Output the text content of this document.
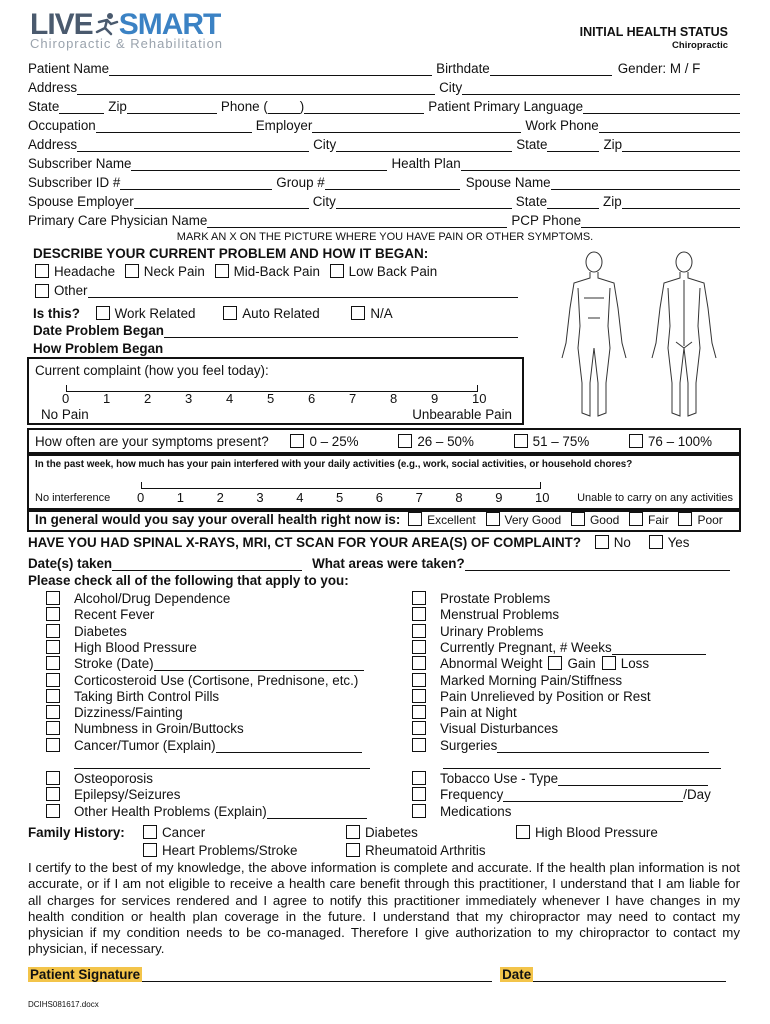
LIVE SMART
Chiropractic & Rehabilitation
INITIAL HEALTH STATUS
Chiropractic
Patient Name	Birthdate	Gender: M / F
Address	City
State	Zip	Phone ( )	Patient Primary Language
Occupation	Employer	Work Phone
Address	City	State	Zip
Subscriber Name	Health Plan
Subscriber ID #	Group #	Spouse Name
Spouse Employer	City	State	Zip
Primary Care Physician Name	PCP Phone
MARK AN X ON THE PICTURE WHERE YOU HAVE PAIN OR OTHER SYMPTOMS.
DESCRIBE YOUR CURRENT PROBLEM AND HOW IT BEGAN:
Headache Neck Pain Mid-Back Pain Low Back Pain
Other
Is this?	Work Related	Auto Related	N/A
Date Problem Began
How Problem Began
Current complaint (how you feel today):
No Pain	Unbearable Pain
0	1	2	3	4	5	6	7	8	9	10
How often are your symptoms present?	0 – 25%	26 – 50%	51 – 75%	76 – 100%
In the past week, how much has your pain interfered with your daily activities (e.g., work, social activities, or household chores?
No interference	Unable to carry on any activities
0	1	2	3	4	5	6	7	8	9	10
In general would you say your overall health right now is: Excellent Very Good Good Fair Poor
HAVE YOU HAD SPINAL X-RAYS, MRI, CT SCAN FOR YOUR AREA(S) OF COMPLAINT? No	Yes
Date(s) taken	What areas were taken?
Please check all of the following that apply to you:
Family History:	Cancer	Diabetes	High Blood Pressure
Heart Problems/Stroke	Rheumatoid Arthritis
I certify to the best of my knowledge, the above information is complete and accurate. If the health plan information is not accurate, or if I am not eligible to receive a health care benefit through this practitioner, I understand that I am liable for all charges for services rendered and I agree to notify this practitioner immediately whenever I have changes in my health condition or health plan coverage in the future. I understand that my chiropractor may need to contact my physician if my condition needs to be co-managed. Therefore I give authorization to my chiropractor to contact my physician, if necessary.
Patient Signature	Date
DCIHS081617.docx
Alcohol/Drug Dependence
Recent Fever
Diabetes
High Blood Pressure
Stroke (Date)
Corticosteroid Use (Cortisone, Prednisone, etc.)
Taking Birth Control Pills
Dizziness/Fainting
Numbness in Groin/Buttocks
Cancer/Tumor (Explain)
Osteoporosis
Epilepsy/Seizures
Other Health Problems (Explain)
Prostate Problems
Menstrual Problems
Urinary Problems
Currently Pregnant, # Weeks
Abnormal Weight Gain Loss
Marked Morning Pain/Stiffness
Pain Unrelieved by Position or Rest
Pain at Night
Visual Disturbances
Surgeries
Tobacco Use - Type
Frequency	/Day
Medications
